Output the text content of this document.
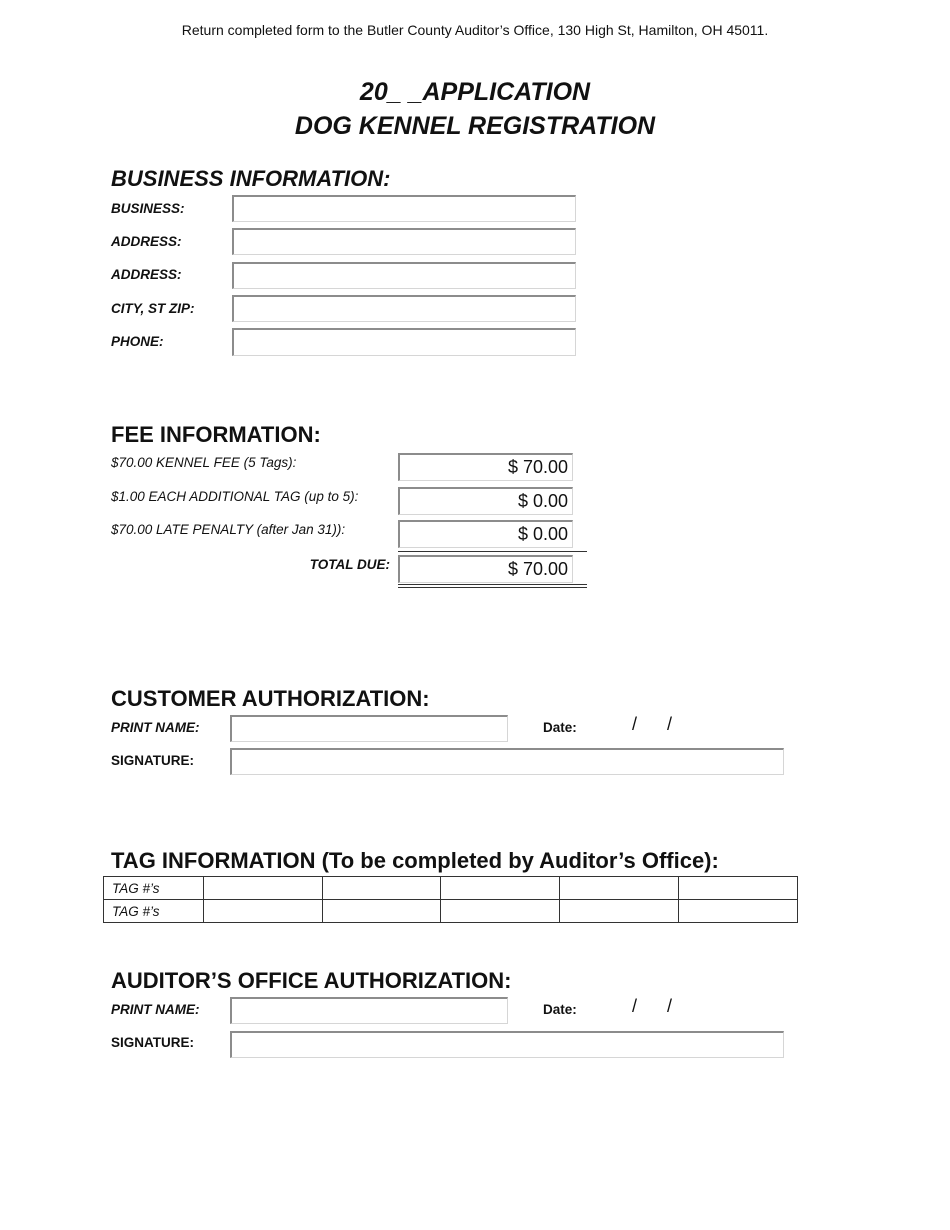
Return completed form to the Butler County Auditor’s Office, 130 High St, Hamilton, OH 45011.
20_ _APPLICATION
DOG KENNEL REGISTRATION
BUSINESS INFORMATION:
BUSINESS:
ADDRESS:
ADDRESS:
CITY, ST ZIP:
PHONE:
FEE INFORMATION:
$70.00 KENNEL FEE (5 Tags):	$ 70.00
$1.00 EACH ADDITIONAL TAG (up to 5):	$ 0.00
$70.00 LATE PENALTY (after Jan 31)):	$ 0.00
TOTAL DUE:	$ 70.00
CUSTOMER AUTHORIZATION:
PRINT NAME:	Date:	/      /
SIGNATURE:
TAG INFORMATION (To be completed by Auditor’s Office):
TAG #’s					
TAG #’s					
AUDITOR’S OFFICE AUTHORIZATION:
PRINT NAME:	Date:	/      /
SIGNATURE:
